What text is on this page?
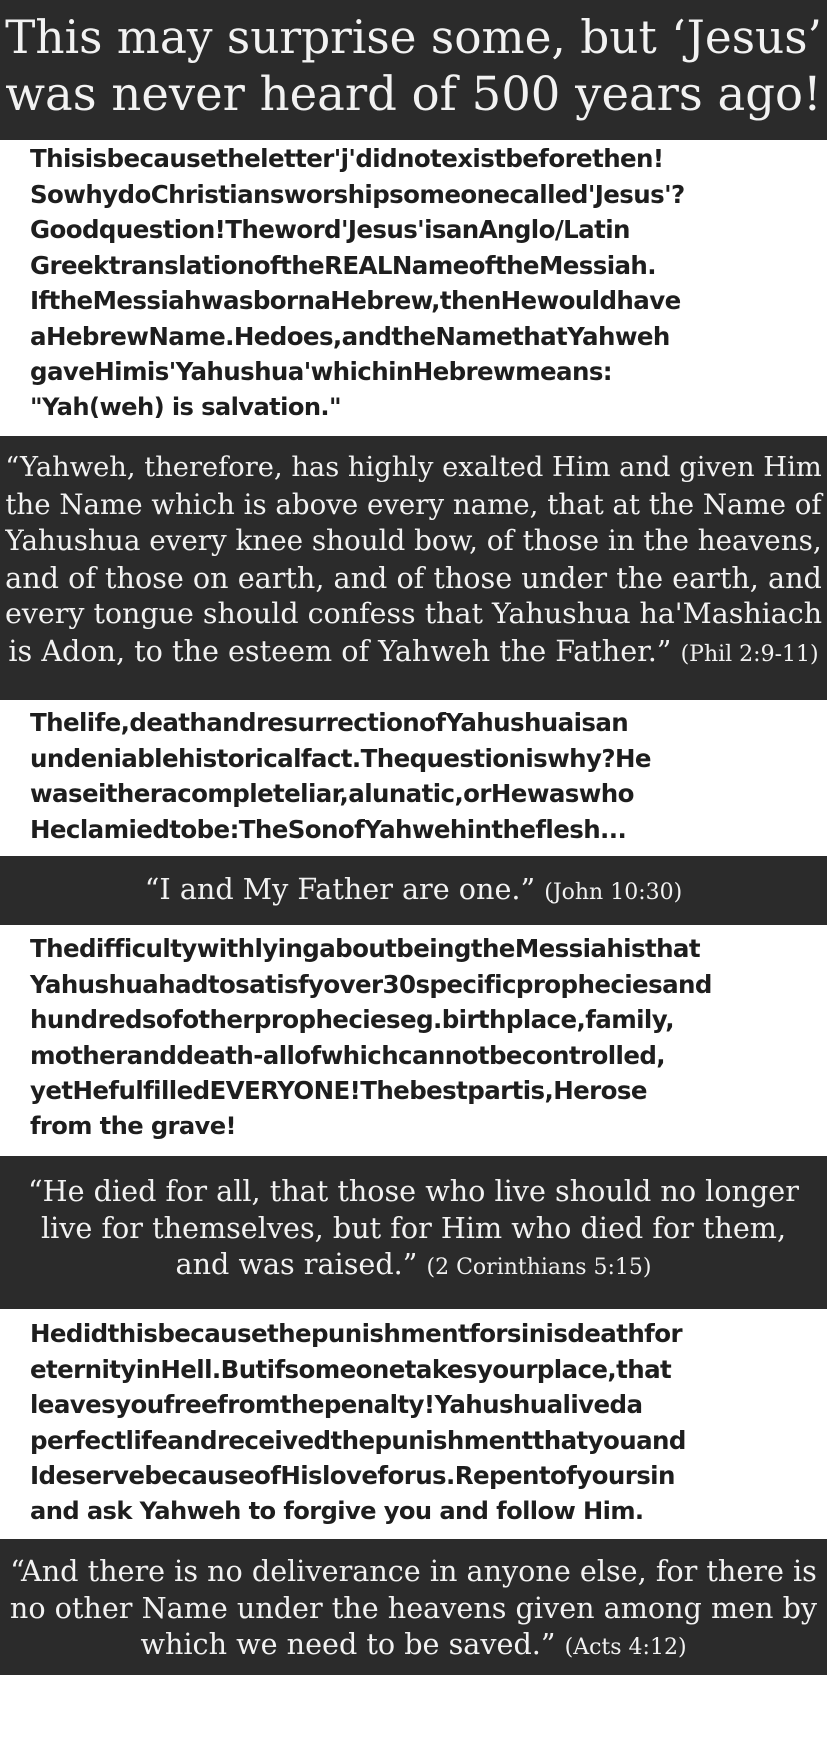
This may surprise some, but ‘Jesus’
was never heard of 500 years ago!
Thisisbecausetheletter'j'didnotexistbeforethen!
SowhydoChristiansworshipsomeonecalled'Jesus'?
Goodquestion!Theword'Jesus'isanAnglo/Latin
GreektranslationoftheREALNameoftheMessiah.
IftheMessiahwasbornaHebrew,thenHewouldhave
aHebrewName.Hedoes,andtheNamethatYahweh
gaveHimis'Yahushua'whichinHebrewmeans:
"Yah(weh) is salvation."
“Yahweh, therefore, has highly exalted Him and given Him
the Name which is above every name, that at the Name of
Yahushua every knee should bow, of those in the heavens,
and of those on earth, and of those under the earth, and
every tongue should confess that Yahushua ha'Mashiach
is Adon, to the esteem of Yahweh the Father.” (Phil 2:9-11)
Thelife,deathandresurrectionofYahushuaisan
undeniablehistoricalfact.Thequestioniswhy?He
waseitheracompleteliar,alunatic,orHewaswho
Heclamiedtobe:TheSonofYahwehintheflesh...
“I and My Father are one.” (John 10:30)
ThedifficultywithlyingaboutbeingtheMessiahisthat
Yahushuahadtosatisfyover30specificpropheciesand
hundredsofotherprophecieseg.birthplace,family,
motheranddeath-allofwhichcannotbecontrolled,
yetHefulfilledEVERYONE!Thebestpartis,Herose
from the grave!
“He died for all, that those who live should no longer
live for themselves, but for Him who died for them,
and was raised.” (2 Corinthians 5:15)
Hedidthisbecausethepunishmentforsinisdeathfor
eternityinHell.Butifsomeonetakesyourplace,that
leavesyoufreefromthepenalty!Yahushualiveda
perfectlifeandreceivedthepunishmentthatyouand
IdeservebecauseofHisloveforus.Repentofyoursin
and ask Yahweh to forgive you and follow Him.
“And there is no deliverance in anyone else, for there is
no other Name under the heavens given among men by
which we need to be saved.” (Acts 4:12)
